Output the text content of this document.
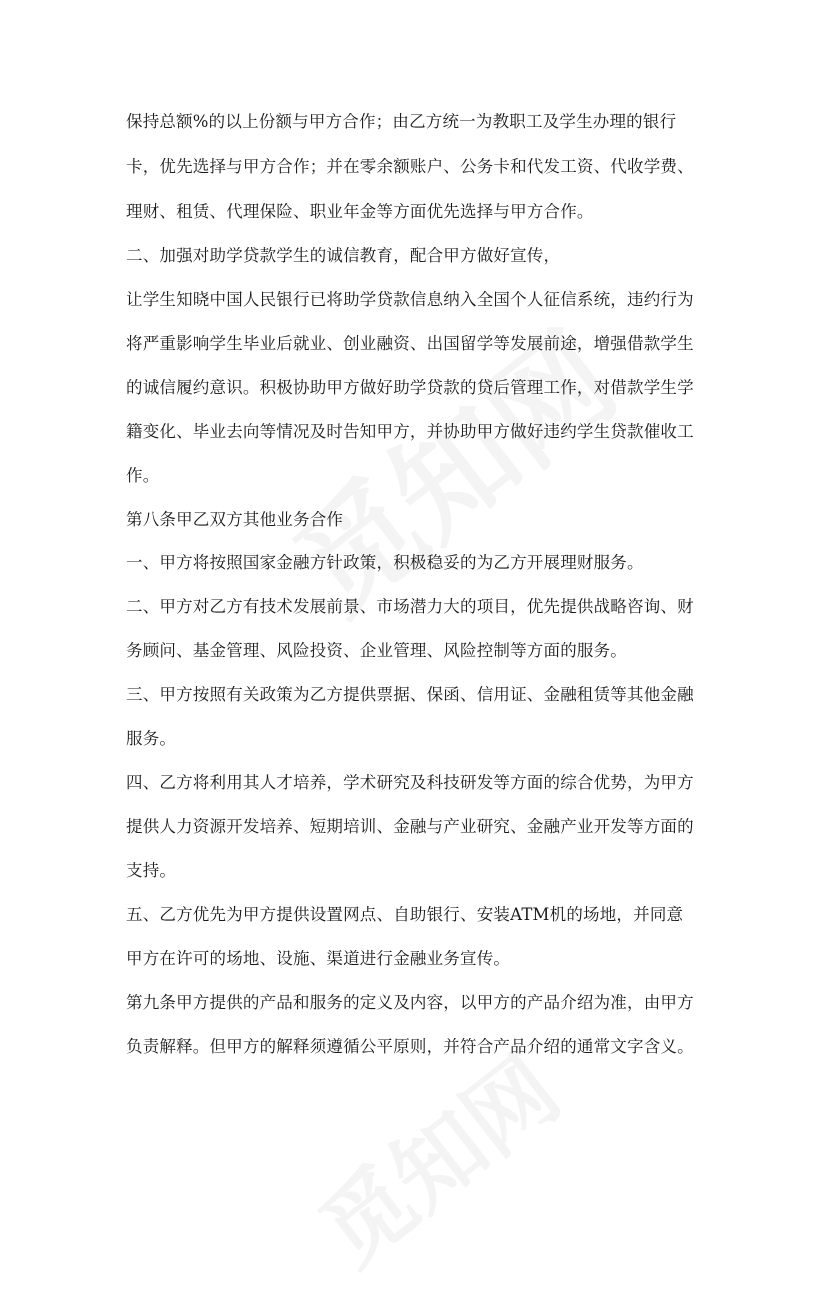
保持总额%的以上份额与甲方合作；由乙方统一为教职工及学生办理的银行
卡，优先选择与甲方合作；并在零余额账户、公务卡和代发工资、代收学费、
理财、租赁、代理保险、职业年金等方面优先选择与甲方合作。
二、加强对助学贷款学生的诚信教育，配合甲方做好宣传，
让学生知晓中国人民银行已将助学贷款信息纳入全国个人征信系统，违约行为
将严重影响学生毕业后就业、创业融资、出国留学等发展前途，增强借款学生
的诚信履约意识。积极协助甲方做好助学贷款的贷后管理工作，对借款学生学
籍变化、毕业去向等情况及时告知甲方，并协助甲方做好违约学生贷款催收工
作。
第八条甲乙双方其他业务合作
一、甲方将按照国家金融方针政策，积极稳妥的为乙方开展理财服务。
二、甲方对乙方有技术发展前景、市场潜力大的项目，优先提供战略咨询、财
务顾问、基金管理、风险投资、企业管理、风险控制等方面的服务。
三、甲方按照有关政策为乙方提供票据、保函、信用证、金融租赁等其他金融
服务。
四、乙方将利用其人才培养，学术研究及科技研发等方面的综合优势，为甲方
提供人力资源开发培养、短期培训、金融与产业研究、金融产业开发等方面的
支持。
五、乙方优先为甲方提供设置网点、自助银行、安装ATM机的场地，并同意
甲方在许可的场地、设施、渠道进行金融业务宣传。
第九条甲方提供的产品和服务的定义及内容，以甲方的产品介绍为准，由甲方
负责解释。但甲方的解释须遵循公平原则，并符合产品介绍的通常文字含义。
